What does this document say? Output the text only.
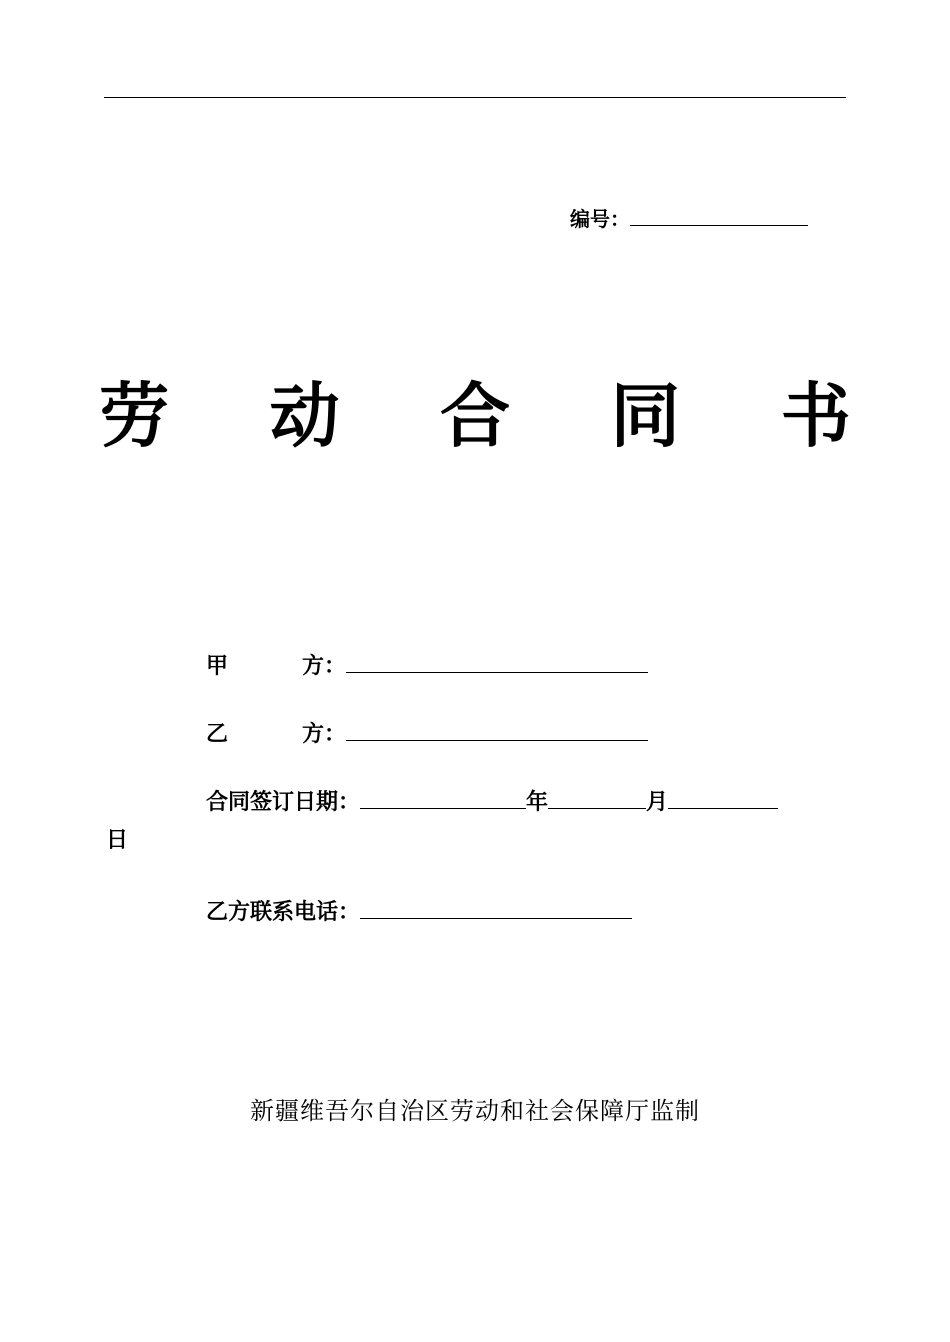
编号：
劳 动 合 同 书
甲	方：
乙	方：
合同签订日期：	年	月
日
乙方联系电话：
新疆维吾尔自治区劳动和社会保障厅监制
